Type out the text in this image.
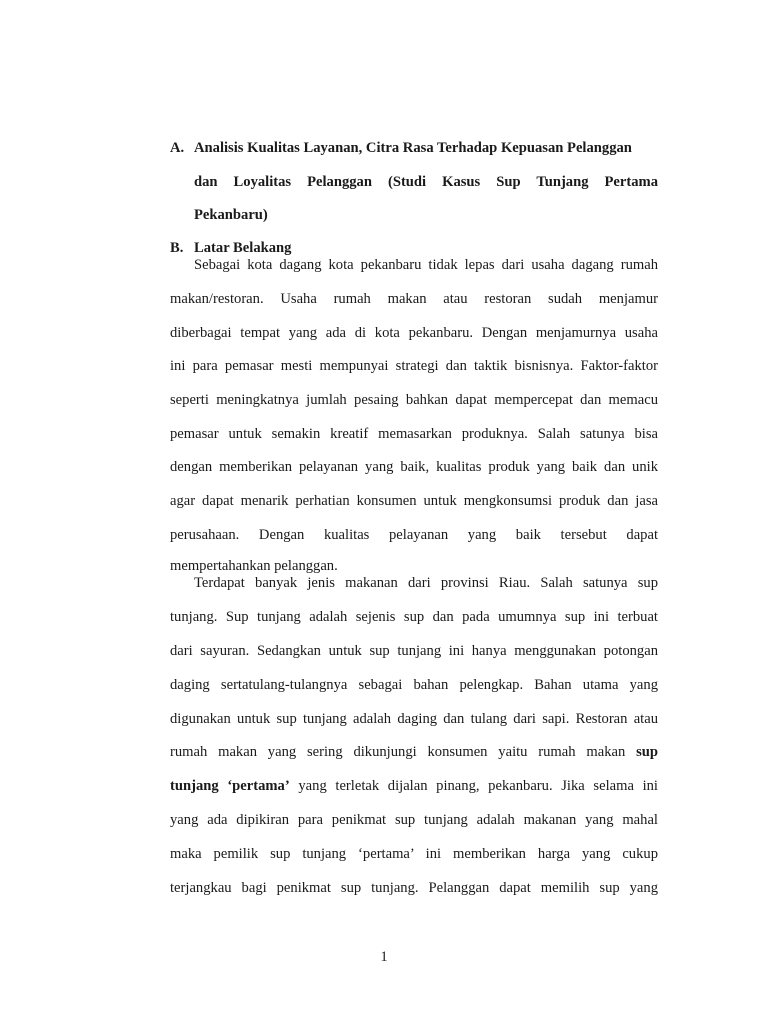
A. Analisis Kualitas Layanan, Citra Rasa Terhadap Kepuasan Pelanggan
dan Loyalitas Pelanggan (Studi Kasus Sup Tunjang Pertama
Pekanbaru)
B. Latar Belakang
Sebagai kota dagang kota pekanbaru tidak lepas dari usaha dagang rumah
makan/restoran. Usaha rumah makan atau restoran sudah menjamur
diberbagai tempat yang ada di kota pekanbaru. Dengan menjamurnya usaha
ini para pemasar mesti mempunyai strategi dan taktik bisnisnya. Faktor-faktor
seperti meningkatnya jumlah pesaing bahkan dapat mempercepat dan memacu
pemasar untuk semakin kreatif memasarkan produknya. Salah satunya bisa
dengan memberikan pelayanan yang baik, kualitas produk yang baik dan unik
agar dapat menarik perhatian konsumen untuk mengkonsumsi produk dan jasa
perusahaan. Dengan kualitas pelayanan yang baik tersebut dapat
mempertahankan pelanggan.
Terdapat banyak jenis makanan dari provinsi Riau. Salah satunya sup
tunjang. Sup tunjang adalah sejenis sup dan pada umumnya sup ini terbuat
dari sayuran. Sedangkan untuk sup tunjang ini hanya menggunakan potongan
daging sertatulang-tulangnya sebagai bahan pelengkap. Bahan utama yang
digunakan untuk sup tunjang adalah daging dan tulang dari sapi. Restoran atau
rumah makan yang sering dikunjungi konsumen yaitu rumah makan sup
tunjang ‘pertama’ yang terletak dijalan pinang, pekanbaru. Jika selama ini
yang ada dipikiran para penikmat sup tunjang adalah makanan yang mahal
maka pemilik sup tunjang ‘pertama’ ini memberikan harga yang cukup
terjangkau bagi penikmat sup tunjang. Pelanggan dapat memilih sup yang
1
